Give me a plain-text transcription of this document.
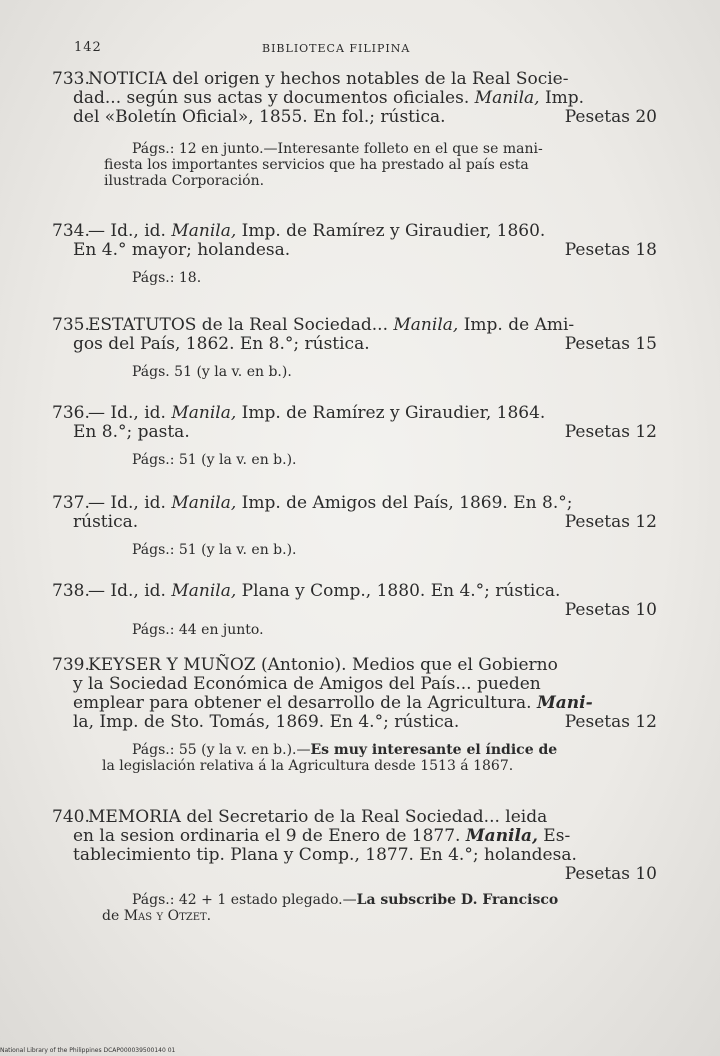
142	BIBLIOTECA FILIPINA
733.NOTICIA del origen y hechos notables de la Real Socie-
dad... según sus actas y documentos oficiales. Manila, Imp.
del «Boletín Oficial», 1855. En fol.; rústica.	Pesetas 20
Págs.: 12 en junto.—Interesante folleto en el que se mani-
fiesta los importantes servicios que ha prestado al país esta
ilustrada Corporación.
734.— Id., id. Manila, Imp. de Ramírez y Giraudier, 1860.
En 4.° mayor; holandesa.	Pesetas 18
Págs.: 18.
735.ESTATUTOS de la Real Sociedad... Manila, Imp. de Ami-
gos del País, 1862. En 8.°; rústica.	Pesetas 15
Págs. 51 (y la v. en b.).
736.— Id., id. Manila, Imp. de Ramírez y Giraudier, 1864.
En 8.°; pasta.	Pesetas 12
Págs.: 51 (y la v. en b.).
737.— Id., id. Manila, Imp. de Amigos del País, 1869. En 8.°;
rústica.	Pesetas 12
Págs.: 51 (y la v. en b.).
738.— Id., id. Manila, Plana y Comp., 1880. En 4.°; rústica.
Pesetas 10

Págs.: 44 en junto.
739.KEYSER Y MUÑOZ (Antonio). Medios que el Gobierno
y la Sociedad Económica de Amigos del País... pueden
emplear para obtener el desarrollo de la Agricultura. Mani-
la, Imp. de Sto. Tomás, 1869. En 4.°; rústica.	Pesetas 12
Págs.: 55 (y la v. en b.).—Es muy interesante el índice de
la legislación relativa á la Agricultura desde 1513 á 1867.
740.MEMORIA del Secretario de la Real Sociedad... leida
en la sesion ordinaria el 9 de Enero de 1877. Manila, Es-
tablecimiento tip. Plana y Comp., 1877. En 4.°; holandesa.
Pesetas 10

Págs.: 42 + 1 estado plegado.—La subscribe D. Francisco
de Mas y Otzet.
National Library of the Philippines DCAP000039500140 01
